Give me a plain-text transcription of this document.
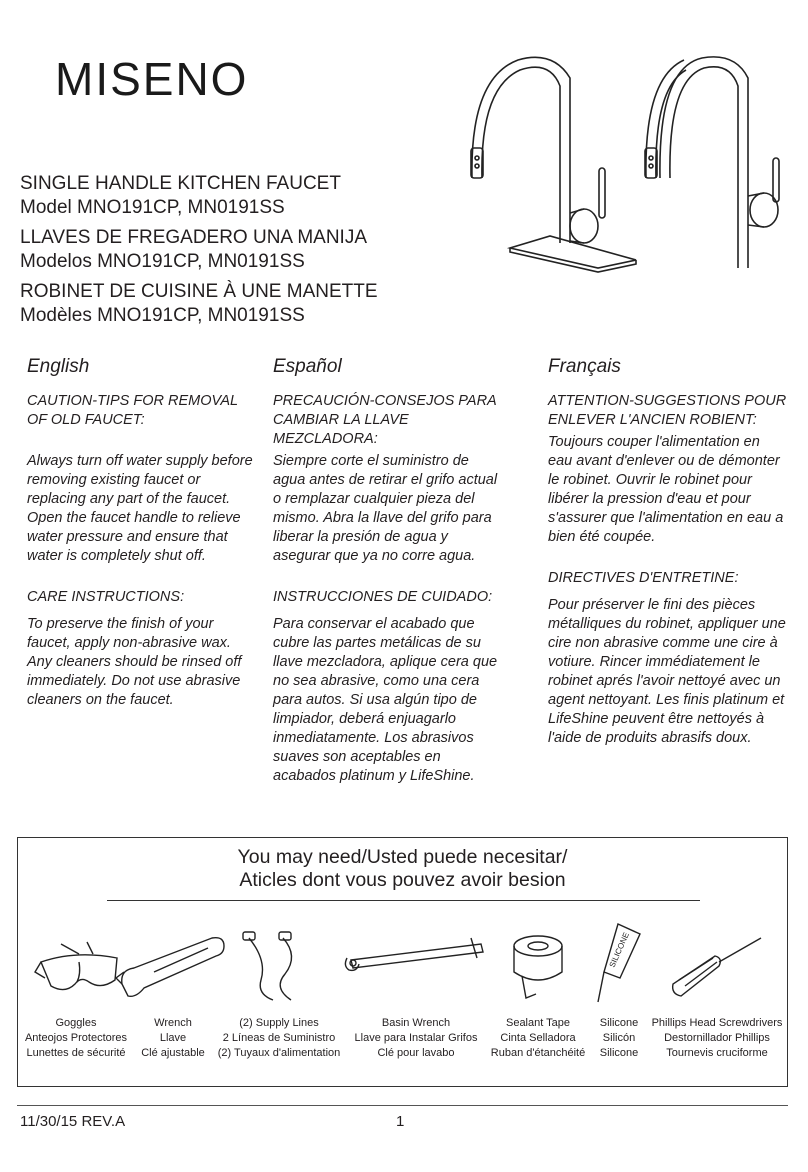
MISENO
SINGLE HANDLE KITCHEN FAUCET
Model MNO191CP, MN0191SS
LLAVES DE FREGADERO UNA MANIJA
Modelos MNO191CP, MN0191SS
ROBINET DE CUISINE À UNE MANETTE
Modèles MNO191CP, MN0191SS
English
CAUTION-TIPS FOR REMOVAL OF OLD FAUCET:
Always turn off water supply before removing existing faucet or replacing any part of the faucet. Open the faucet handle to relieve water pressure and ensure that water is completely shut off.
CARE INSTRUCTIONS:
To preserve the finish of your faucet, apply non-abrasive wax. Any cleaners should be rinsed off immediately. Do not use abrasive cleaners on the faucet.
Español
PRECAUCIÓN-CONSEJOS PARA CAMBIAR LA LLAVE MEZCLADORA:
Siempre corte el suministro de agua antes de retirar el grifo actual o remplazar cualquier pieza del mismo. Abra la llave del grifo para liberar la presión de agua y asegurar que ya no corre agua.
INSTRUCCIONES DE CUIDADO:
Para conservar el acabado que cubre las partes metálicas de su llave mezcladora, aplique cera que no sea abrasive, como una cera para autos. Si usa algún tipo de limpiador, deberá enjuagarlo inmediatamente. Los abrasivos suaves son aceptables en acabados platinum y LifeShine.
Français
ATTENTION-SUGGESTIONS POUR ENLEVER L'ANCIEN ROBIENT:
Toujours couper l'alimentation en eau avant d'enlever ou de démonter le robinet. Ouvrir le robinet pour libérer la pression d'eau et pour s'assurer que l'alimentation en eau a bien été coupée.
DIRECTIVES D'ENTRETINE:
Pour préserver le fini des pièces métalliques du robinet, appliquer une cire non abrasive comme une cire à votiure. Rincer immédiatement le robinet aprés l'avoir nettoyé avec un agent nettoyant. Les finis platinum et LifeShine peuvent être nettoyés à l'aide de produits abrasifs doux.
You may need/Usted puede necesitar/
Aticles dont vous pouvez avoir besion
Goggles
Anteojos Protectores
Lunettes de sécurité
Wrench
Llave
Clé ajustable
(2) Supply Lines
2 Líneas de Suministro
(2) Tuyaux d'alimentation
Basin Wrench
Llave para Instalar Grifos
Clé pour lavabo
Sealant Tape
Cinta Selladora
Ruban d'étanchéité
SILICONE
Silicone
Silicón
Silicone
Phillips Head Screwdrivers
Destornillador Phillips
Tournevis cruciforme
11/30/15 REV.A	1
